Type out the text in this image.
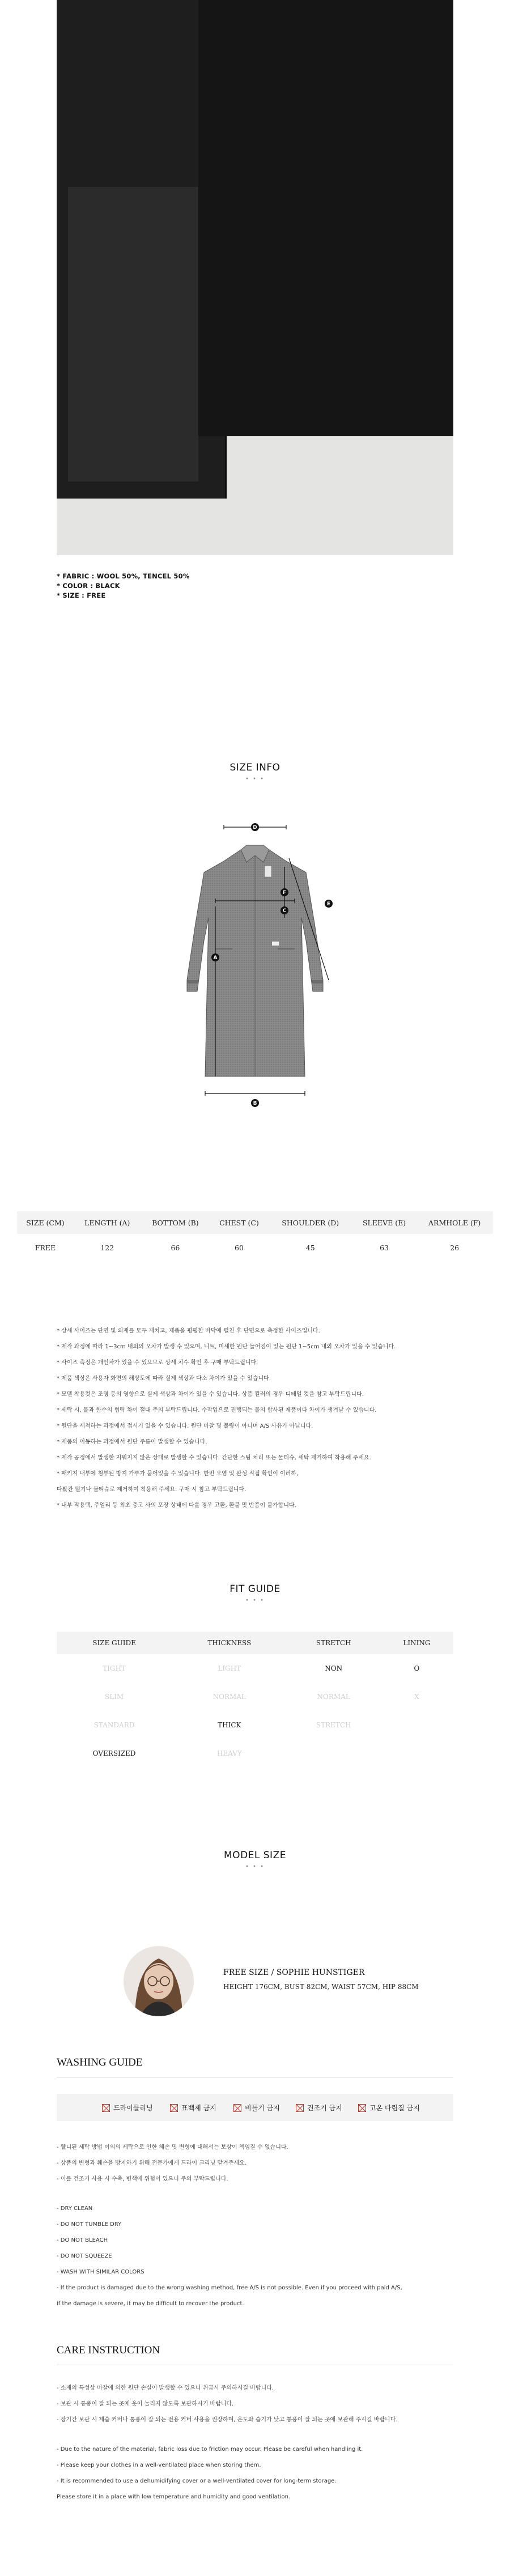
* FABRIC : WOOL 50%, TENCEL 50%
* COLOR : BLACK
* SIZE : FREE
SIZE INFO
• • •
D
E
F
C
A
B
SIZE (CM)	LENGTH (A)	BOTTOM (B)	CHEST (C)	SHOULDER (D)	SLEEVE (E)	ARMHOLE (F)
FREE	122	66	60	45	63	26
* 상세 사이즈는 단면 및 외재를 모두 재치고, 제품을 평평한 바닥에 펼친 후 단면으로 측정한 사이즈입니다.
* 제작 과정에 따라 1~3cm 내외의 오차가 발생 수 있으며, 니트, 미세한 원단 늘어짐이 있는 원단 1~5cm 내외 오차가 있을 수 있습니다.
* 사이즈 측정은 개인차가 있을 수 있으므로 상세 치수 확인 후 구매 부탁드립니다.
* 제품 색상은 사용자 화면의 해상도에 따라 실제 색상과 다소 차이가 있을 수 있습니다.
* 모델 착용컷은 조명 등의 영향으로 실제 색상과 차이가 있을 수 있습니다. 상품 컬러의 경우 디테일 컷을 참고 부탁드립니다.
* 세탁 시, 물과 함수의 협력 차이 절대 주의 부탁드립니다. 수작업으로 진행되는 물의 합사된 제품이다 차이가 생겨날 수 있습니다.
* 원단을 세척하는 과정에서 접시기 있을 수 있습니다. 원단 마찰 및 불량이 아니며 A/S 사유가 아닙니다.
* 제품의 이동하는 과정에서 원단 주름이 발생할 수 있습니다.
* 제작 공정에서 발생한 지워지지 않은 상태로 발생할 수 있습니다. 간단한 스팀 처리 또는 물티슈, 세탁 제거하여 착용해 주세요.
* 패키지 내부에 첨부된 방지 가루가 묻어있을 수 있습니다. 한번 오염 및 완성 직접 확인이 이러하,
다봤칸 털기나 물티슈로 제거하여 착용해 주세요. 구매 시 참고 부탁드립니다.
* 내부 작용택, 주얼리 등 최초 충고 사의 포장 상태에 다를 경우 고환, 환불 및 반품이 불가합니다.
FIT GUIDE
• • •
SIZE GUIDE	THICKNESS	STRETCH	LINING
TIGHT	LIGHT	NON	O
SLIM	NORMAL	NORMAL	X
STANDARD	THICK	STRETCH	
OVERSIZED	HEAVY		
MODEL SIZE
• • •
FREE SIZE / SOPHIE HUNSTIGER
HEIGHT 176CM, BUST 82CM, WAIST 57CM, HIP 88CM
WASHING GUIDE
드라이클리닝	표백제 금지	비틀기 금지	건조기 금지	고온 다림질 금지
- 웰니된 세탁 방법 이외의 세탁으로 인한 헤손 및 변형에 대해서는 보상이 책임질 수 없습니다.
- 상품의 변형과 훼손을 방지하기 위해 전문가에게 드라이 크리닝 맡겨주세요.
- 이를 건조기 사용 시 수축, 변색에 위험이 있으니 주의 부탁드립니다.
- DRY CLEAN
- DO NOT TUMBLE DRY
- DO NOT BLEACH
- DO NOT SQUEEZE
- WASH WITH SIMILAR COLORS
- If the product is damaged due to the wrong washing method, free A/S is not possible. Even if you proceed with paid A/S,
if the damage is severe, it may be difficult to recover the product.
CARE INSTRUCTION
- 소재의 특성상 마찰에 의한 원단 손실이 발생할 수 있으니 취급시 주의하시길 바랍니다.
- 보관 시 통풍이 잘 되는 곳에 옷이 눌리지 않도록 보관하시기 바랍니다.
- 장기간 보관 시 제습 커버나 통풍이 잘 되는 전용 커버 사용을 권장하며, 온도와 습기가 낮고 통풍이 잘 되는 곳에 보관해 주시길 바랍니다.
- Due to the nature of the material, fabric loss due to friction may occur. Please be careful when handling it.
- Please keep your clothes in a well-ventilated place when storing them.
- It is recommended to use a dehumidifying cover or a well-ventilated cover for long-term storage.
Please store it in a place with low temperature and humidity and good ventilation.
